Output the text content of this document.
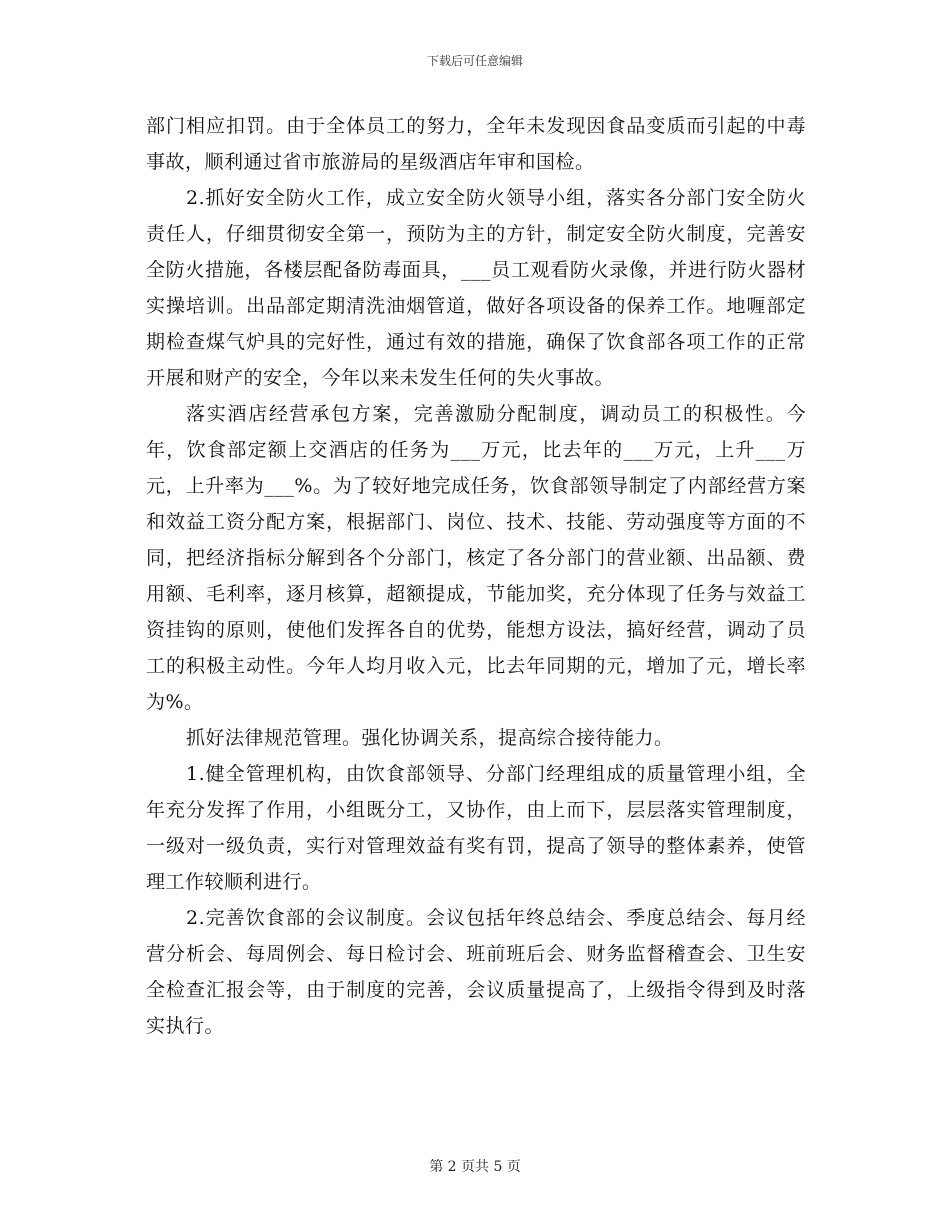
下载后可任意编辑

部门相应扣罚。由于全体员工的努力，全年未发现因食品变质而引起的中毒事故，顺利通过省市旅游局的星级酒店年审和国检。

2.抓好安全防火工作，成立安全防火领导小组，落实各分部门安全防火责任人，仔细贯彻安全第一，预防为主的方针，制定安全防火制度，完善安全防火措施，各楼层配备防毒面具，___员工观看防火录像，并进行防火器材实操培训。出品部定期清洗油烟管道，做好各项设备的保养工作。地喱部定期检查煤气炉具的完好性，通过有效的措施，确保了饮食部各项工作的正常开展和财产的安全，今年以来未发生任何的失火事故。

落实酒店经营承包方案，完善激励分配制度，调动员工的积极性。今年，饮食部定额上交酒店的任务为___万元，比去年的___万元，上升___万元，上升率为___%。为了较好地完成任务，饮食部领导制定了内部经营方案和效益工资分配方案，根据部门、岗位、技术、技能、劳动强度等方面的不同，把经济指标分解到各个分部门，核定了各分部门的营业额、出品额、费用额、毛利率，逐月核算，超额提成，节能加奖，充分体现了任务与效益工资挂钩的原则，使他们发挥各自的优势，能想方设法，搞好经营，调动了员工的积极主动性。今年人均月收入元，比去年同期的元，增加了元，增长率为%。

抓好法律规范管理。强化协调关系，提高综合接待能力。

1.健全管理机构，由饮食部领导、分部门经理组成的质量管理小组，全年充分发挥了作用，小组既分工，又协作，由上而下，层层落实管理制度，一级对一级负责，实行对管理效益有奖有罚，提高了领导的整体素养，使管理工作较顺利进行。

2.完善饮食部的会议制度。会议包括年终总结会、季度总结会、每月经营分析会、每周例会、每日检讨会、班前班后会、财务监督稽查会、卫生安全检查汇报会等，由于制度的完善，会议质量提高了，上级指令得到及时落实执行。

第 2 页共 5 页
